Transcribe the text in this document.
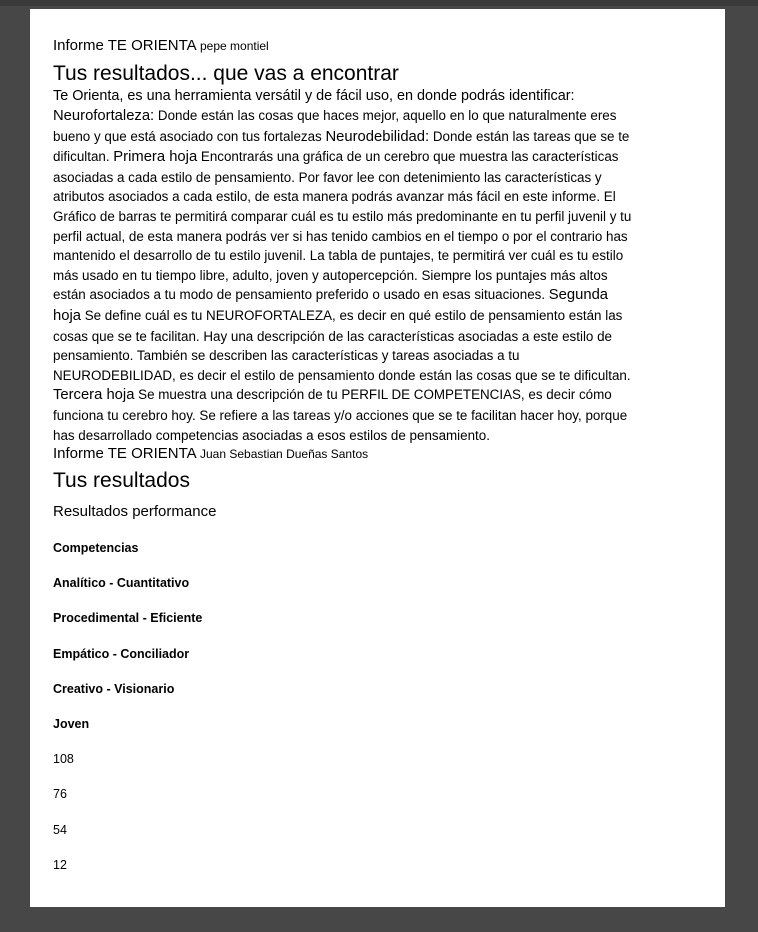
Informe TE ORIENTA pepe montiel

Tus resultados... que vas a encontrar

Te Orienta, es una herramienta versátil y de fácil uso, en donde podrás identificar:

Neurofortaleza: Donde están las cosas que haces mejor, aquello en lo que naturalmente eres bueno y que está asociado con tus fortalezas Neurodebilidad: Donde están las tareas que se te dificultan. Primera hoja Encontrarás una gráfica de un cerebro que muestra las características asociadas a cada estilo de pensamiento. Por favor lee con detenimiento las características y atributos asociados a cada estilo, de esta manera podrás avanzar más fácil en este informe. El Gráfico de barras te permitirá comparar cuál es tu estilo más predominante en tu perfil juvenil y tu perfil actual, de esta manera podrás ver si has tenido cambios en el tiempo o por el contrario has mantenido el desarrollo de tu estilo juvenil. La tabla de puntajes, te permitirá ver cuál es tu estilo más usado en tu tiempo libre, adulto, joven y autopercepción. Siempre los puntajes más altos están asociados a tu modo de pensamiento preferido o usado en esas situaciones. Segunda hoja Se define cuál es tu NEUROFORTALEZA, es decir en qué estilo de pensamiento están las cosas que se te facilitan. Hay una descripción de las características asociadas a este estilo de pensamiento. También se describen las características y tareas asociadas a tu NEURODEBILIDAD, es decir el estilo de pensamiento donde están las cosas que se te dificultan. Tercera hoja Se muestra una descripción de tu PERFIL DE COMPETENCIAS, es decir cómo funciona tu cerebro hoy. Se refiere a las tareas y/o acciones que se te facilitan hacer hoy, porque has desarrollado competencias asociadas a esos estilos de pensamiento.

Informe TE ORIENTA Juan Sebastian Dueñas Santos

Tus resultados

Resultados performance

Competencias
Analítico - Cuantitativo
Procedimental - Eficiente
Empático - Conciliador
Creativo - Visionario
Joven
108
76
54
12
